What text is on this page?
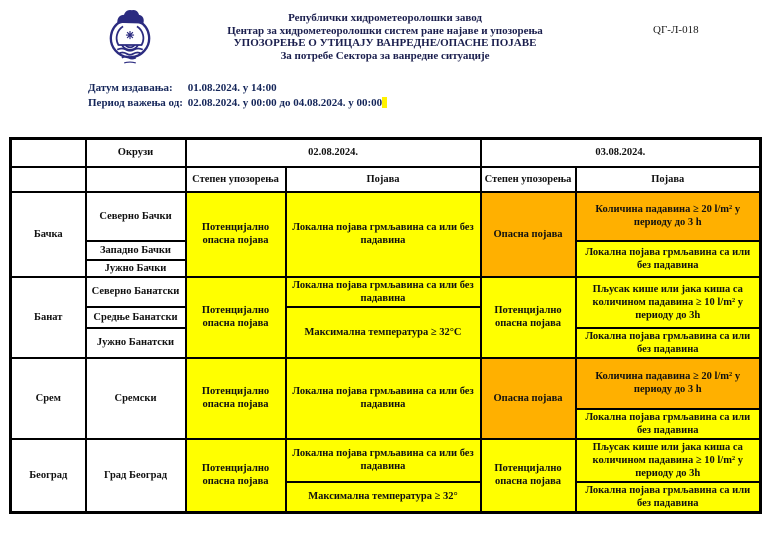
Републички хидрометеоролошки завод
Центар за хидрометеоролошки систем ране најаве и упозорења
УПОЗОРЕЊЕ О УТИЦАЈУ ВАНРЕДНЕ/ОПАСНЕ ПОЈАВЕ
За потребе Сектора за ванредне ситуације
QГ-Л-018
Датум издавања: 01.08.2024. у 14:00
Период важења од: 02.08.2024. у 00:00 до 04.08.2024. у 00:00
	Окрузи	02.08.2024.		03.08.2024.	
		Степен упозорења	Појава	Степен упозорења	Појава
Бачка	Северно Бачки	Потенцијално опасна појава	Локална појава грмљавина са или без падавина	Опасна појава	Количина падавина ≥ 20 l/m² у периоду до 3 h
	Западно Бачки				Локална појава грмљавина са или без падавина
	Јужно Бачки				
Банат	Северно Банатски	Потенцијално опасна појава	Локална појава грмљавина са или без падавина	Потенцијално опасна појава	Пљусак кише или јака киша са количином падавина ≥ 10 l/m² у периоду до 3h
	Средње Банатски		Максимална температура ≥ 32°C		
	Јужно Банатски				Локална појава грмљавина са или без падавина
Срем	Сремски	Потенцијално опасна појава	Локална појава грмљавина са или без падавина	Опасна појава	Количина падавина ≥ 20 l/m² у периоду до 3 h
					Локална појава грмљавина са или без падавина
Београд	Град Београд	Потенцијално опасна појава	Локална појава грмљавина са или без падавина	Потенцијално опасна појава	Пљусак кише или јака киша са количином падавина ≥ 10 l/m² у периоду до 3h
			Максимална температура ≥ 32°		Локална појава грмљавина са или без падавина
